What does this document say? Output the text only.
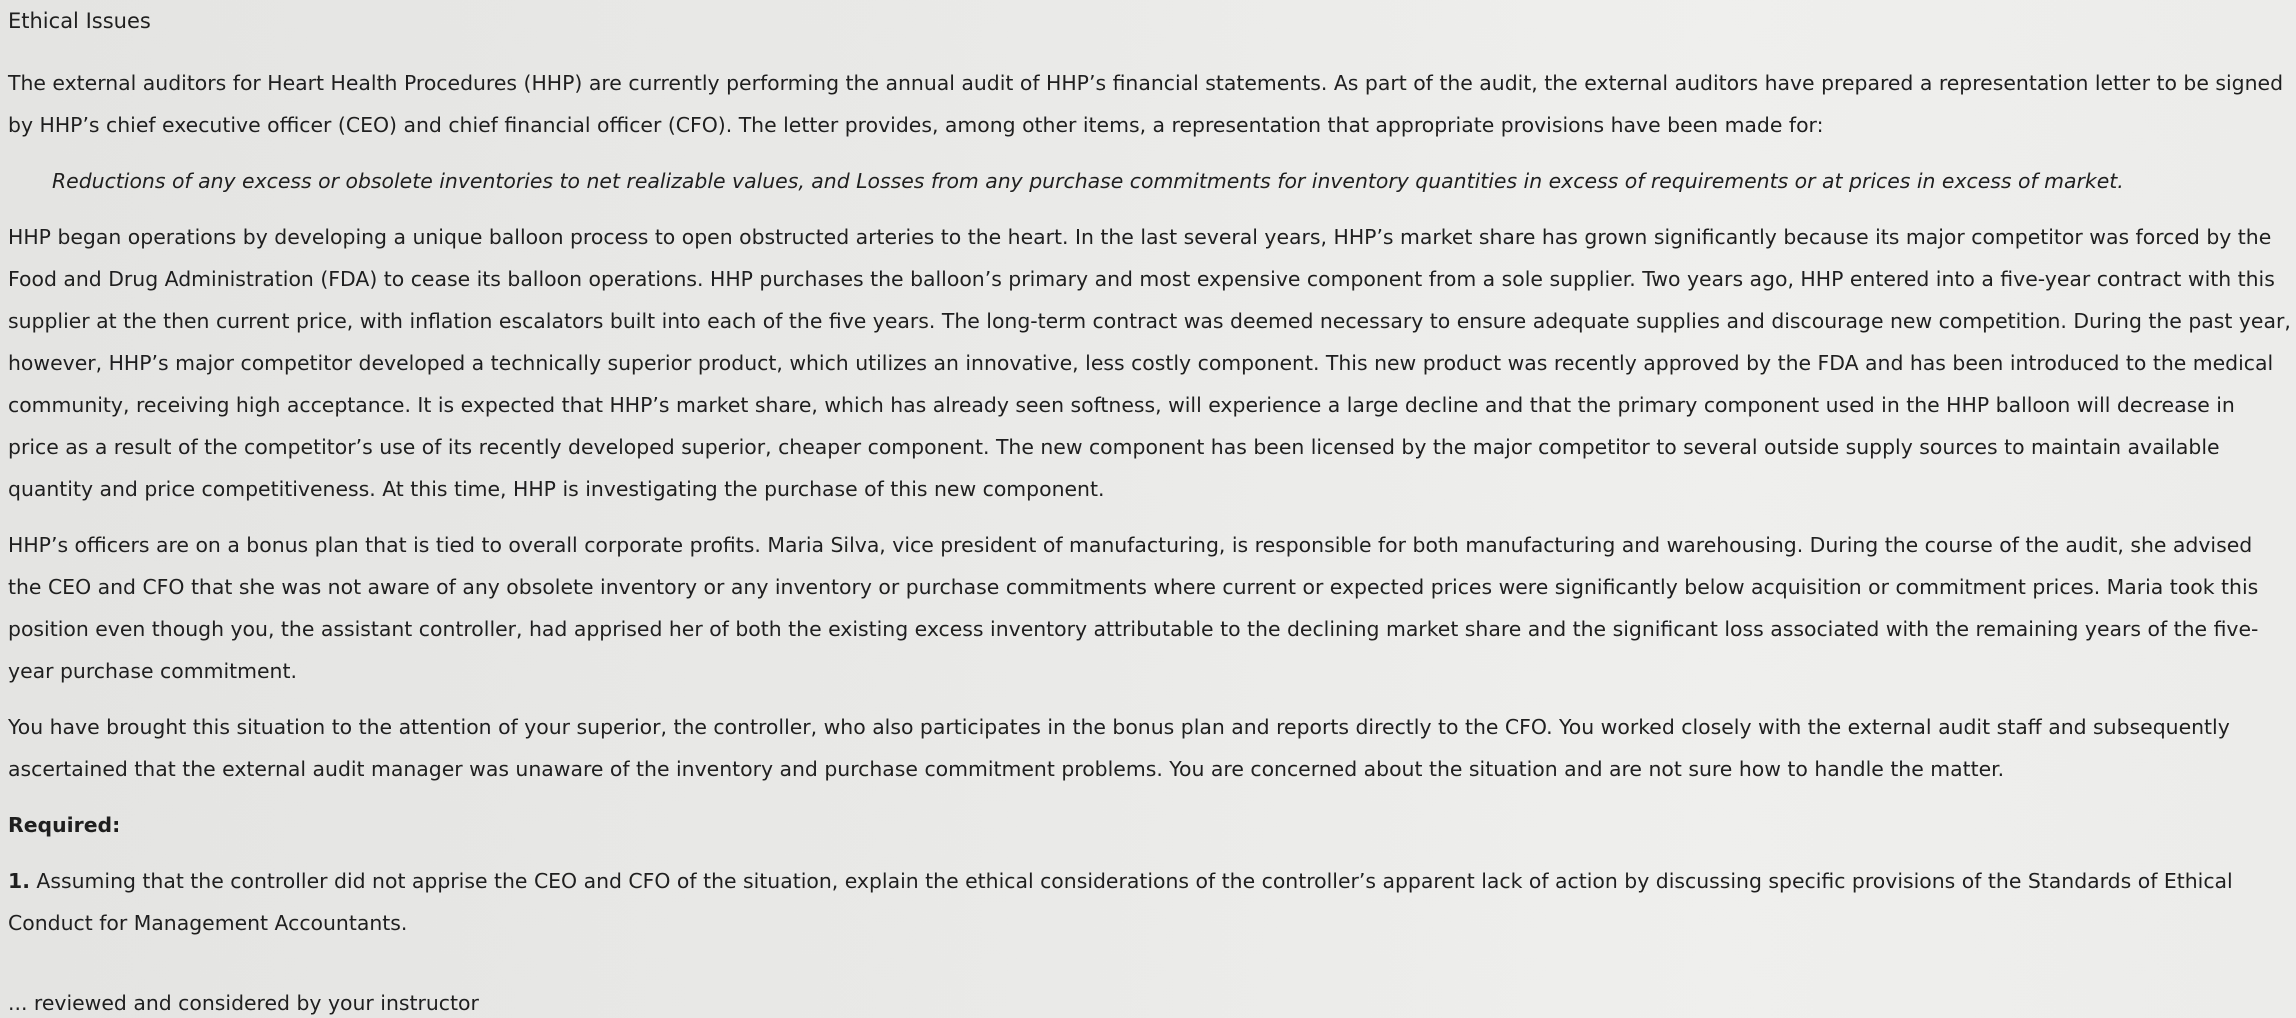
Ethical Issues

The external auditors for Heart Health Procedures (HHP) are currently performing the annual audit of HHP’s financial statements. As part of the audit, the external auditors have prepared a representation letter to be signed by HHP’s chief executive officer (CEO) and chief financial officer (CFO). The letter provides, among other items, a representation that appropriate provisions have been made for:

Reductions of any excess or obsolete inventories to net realizable values, and Losses from any purchase commitments for inventory quantities in excess of requirements or at prices in excess of market.

HHP began operations by developing a unique balloon process to open obstructed arteries to the heart. In the last several years, HHP’s market share has grown significantly because its major competitor was forced by the Food and Drug Administration (FDA) to cease its balloon operations. HHP purchases the balloon’s primary and most expensive component from a sole supplier. Two years ago, HHP entered into a five-year contract with this supplier at the then current price, with inflation escalators built into each of the five years. The long-term contract was deemed necessary to ensure adequate supplies and discourage new competition. During the past year, however, HHP’s major competitor developed a technically superior product, which utilizes an innovative, less costly component. This new product was recently approved by the FDA and has been introduced to the medical community, receiving high acceptance. It is expected that HHP’s market share, which has already seen softness, will experience a large decline and that the primary component used in the HHP balloon will decrease in price as a result of the competitor’s use of its recently developed superior, cheaper component. The new component has been licensed by the major competitor to several outside supply sources to maintain available quantity and price competitiveness. At this time, HHP is investigating the purchase of this new component.

HHP’s officers are on a bonus plan that is tied to overall corporate profits. Maria Silva, vice president of manufacturing, is responsible for both manufacturing and warehousing. During the course of the audit, she advised the CEO and CFO that she was not aware of any obsolete inventory or any inventory or purchase commitments where current or expected prices were significantly below acquisition or commitment prices. Maria took this position even though you, the assistant controller, had apprised her of both the existing excess inventory attributable to the declining market share and the significant loss associated with the remaining years of the five-year purchase commitment.

You have brought this situation to the attention of your superior, the controller, who also participates in the bonus plan and reports directly to the CFO. You worked closely with the external audit staff and subsequently ascertained that the external audit manager was unaware of the inventory and purchase commitment problems. You are concerned about the situation and are not sure how to handle the matter.

Required:

1. Assuming that the controller did not apprise the CEO and CFO of the situation, explain the ethical considerations of the controller’s apparent lack of action by discussing specific provisions of the Standards of Ethical Conduct for Management Accountants.

... reviewed and considered by your instructor
